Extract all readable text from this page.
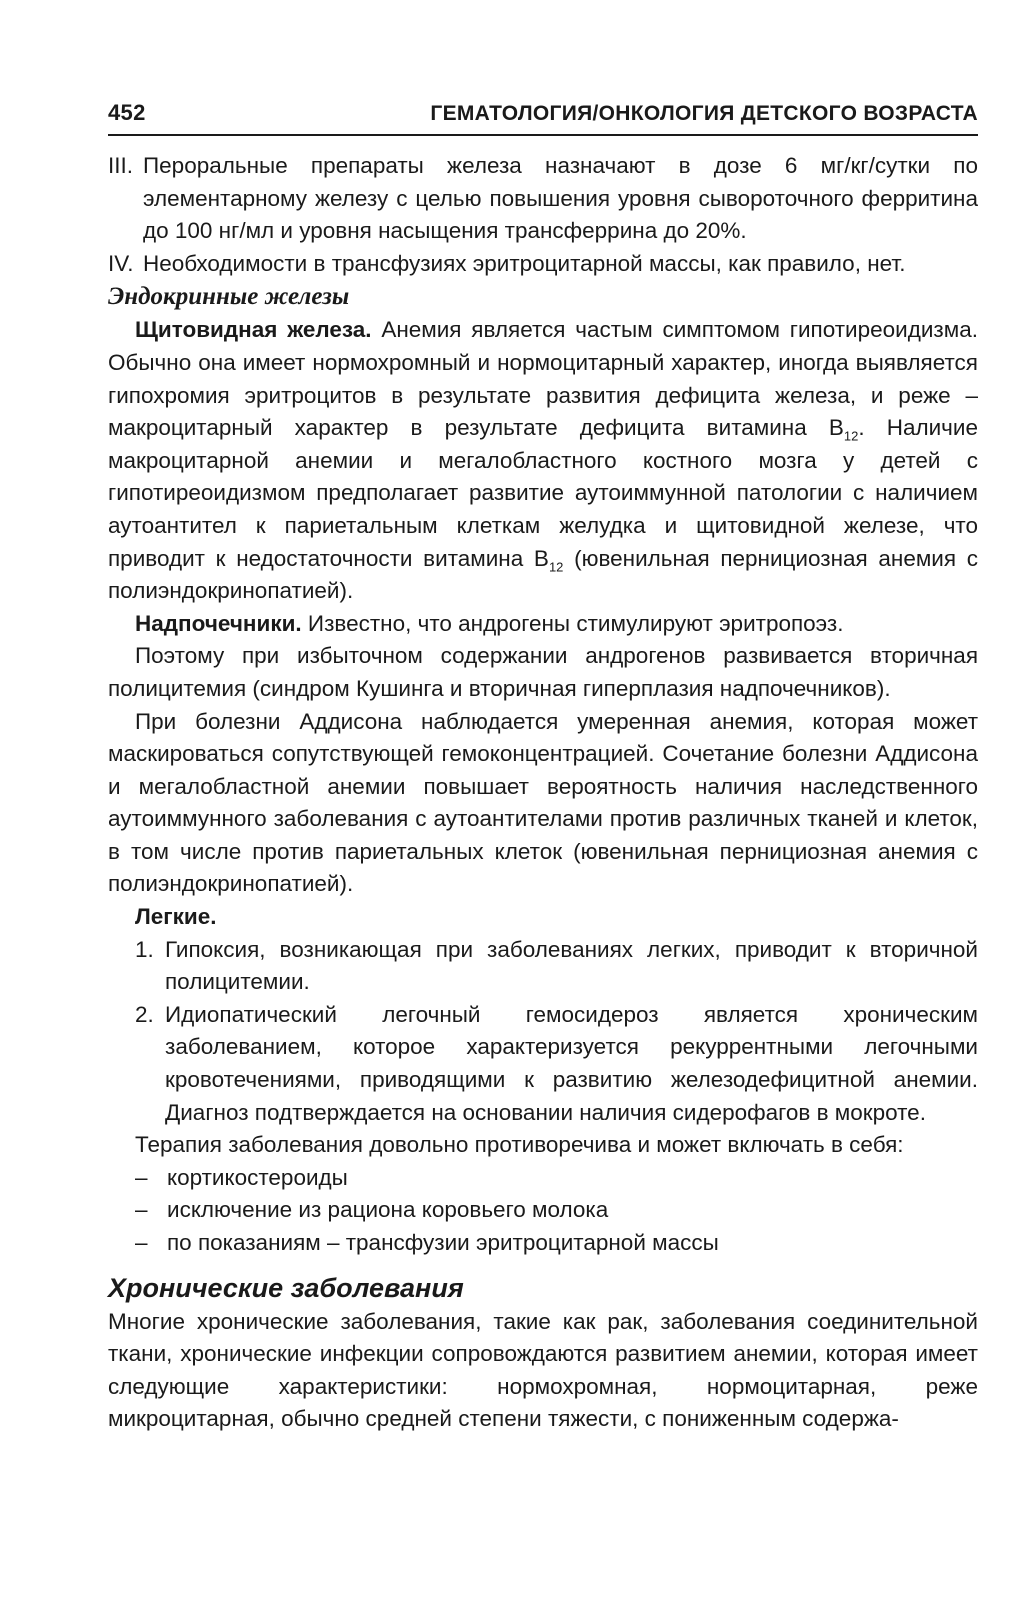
452	ГЕМАТОЛОГИЯ/ОНКОЛОГИЯ ДЕТСКОГО ВОЗРАСТА
III. Пероральные препараты железа назначают в дозе 6 мг/кг/сутки по элементарному железу с целью повышения уровня сывороточного ферритина до 100 нг/мл и уровня насыщения трансферрина до 20%.
IV. Необходимости в трансфузиях эритроцитарной массы, как правило, нет.
Эндокринные железы

Щитовидная железа. Анемия является частым симптомом гипотиреоидизма. Обычно она имеет нормохромный и нормоцитарный характер, иногда выявляется гипохромия эритроцитов в результате развития дефицита железа, и реже – макроцитарный характер в результате дефицита витамина $B_{12}$. Наличие макроцитарной анемии и мегалобластного костного мозга у детей с гипотиреоидизмом предполагает развитие аутоиммунной патологии с наличием аутоантител к париетальным клеткам желудка и щитовидной железе, что приводит к недостаточности витамина $B_{12}$ (ювенильная пернициозная анемия с полиэндокринопатией).

Надпочечники. Известно, что андрогены стимулируют эритропоэз.

Поэтому при избыточном содержании андрогенов развивается вторичная полицитемия (синдром Кушинга и вторичная гиперплазия надпочечников).

При болезни Аддисона наблюдается умеренная анемия, которая может маскироваться сопутствующей гемоконцентрацией. Сочетание болезни Аддисона и мегалобластной анемии повышает вероятность наличия наследственного аутоиммунного заболевания с аутоантителами против различных тканей и клеток, в том числе против париетальных клеток (ювенильная пернициозная анемия с полиэндокринопатией).

Легкие.
1. Гипоксия, возникающая при заболеваниях легких, приводит к вторичной полицитемии.
2. Идиопатический легочный гемосидероз является хроническим заболеванием, которое характеризуется рекуррентными легочными кровотечениями, приводящими к развитию железодефицитной анемии. Диагноз подтверждается на основании наличия сидерофагов в мокроте.

Терапия заболевания довольно противоречива и может включать в себя:

– кортикостероиды
– исключение из рациона коровьего молока
– по показаниям – трансфузии эритроцитарной массы
Хронические заболевания

Многие хронические заболевания, такие как рак, заболевания соединительной ткани, хронические инфекции сопровождаются развитием анемии, которая имеет следующие характеристики: нормохромная, нормоцитарная, реже микроцитарная, обычно средней степени тяжести, с пониженным содержа-
